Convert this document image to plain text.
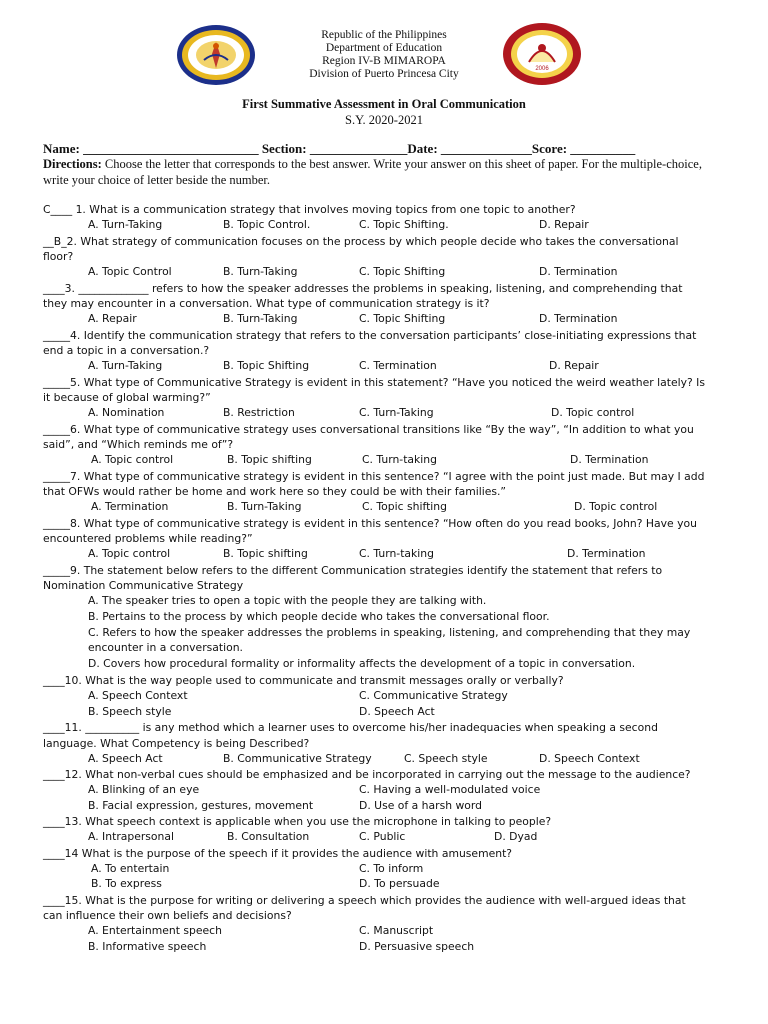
2006
Republic of the Philippines
Department of Education
Region IV-B MIMAROPA
Division of Puerto Princesa City
First Summative Assessment in Oral Communication
S.Y. 2020-2021
Name: ___________________________ Section: _______________Date: ______________Score: __________
Directions: Choose the letter that corresponds to the best answer. Write your answer on this sheet of paper. For the multiple-choice, write your choice of letter beside the number.
C____ 1. What is a communication strategy that involves moving topics from one topic to another?
A. Turn-Taking	B. Topic Control.	C. Topic Shifting.	D. Repair
__B_2. What strategy of communication focuses on the process by which people decide who takes the conversational
floor?
A. Topic Control	B. Turn-Taking	C. Topic Shifting	D. Termination
____3. _____________ refers to how the speaker addresses the problems in speaking, listening, and comprehending that
they may encounter in a conversation. What type of communication strategy is it?
A. Repair	B. Turn-Taking	C. Topic Shifting	D. Termination
_____4. Identify the communication strategy that refers to the conversation participants’ close-initiating expressions that
end a topic in a conversation.?
A. Turn-Taking	B. Topic Shifting	C. Termination	D. Repair
_____5. What type of Communicative Strategy is evident in this statement? “Have you noticed the weird weather lately? Is
it because of global warming?”
A. Nomination	B. Restriction	C. Turn-Taking	D. Topic control
_____6. What type of communicative strategy uses conversational transitions like “By the way”, “In addition to what you
said”, and “Which reminds me of”?
A. Topic control	B. Topic shifting	C. Turn-taking	D. Termination
_____7. What type of communicative strategy is evident in this sentence? “I agree with the point just made. But may I add
that OFWs would rather be home and work here so they could be with their families.”
A. Termination	B. Turn-Taking	C. Topic shifting	D. Topic control
_____8. What type of communicative strategy is evident in this sentence? “How often do you read books, John? Have you
encountered problems while reading?”
A. Topic control	B. Topic shifting	C. Turn-taking	D. Termination
_____9. The statement below refers to the different Communication strategies identify the statement that refers to
Nomination Communicative Strategy
A. The speaker tries to open a topic with the people they are talking with.
B. Pertains to the process by which people decide who takes the conversational floor.
C. Refers to how the speaker addresses the problems in speaking, listening, and comprehending that they may
encounter in a conversation.
D. Covers how procedural formality or informality affects the development of a topic in conversation.
____10. What is the way people used to communicate and transmit messages orally or verbally?
A. Speech Context	C. Communicative Strategy
B. Speech style	D. Speech Act
____11. __________ is any method which a learner uses to overcome his/her inadequacies when speaking a second
language. What Competency is being Described?
A. Speech Act	B. Communicative Strategy	C. Speech style	D. Speech Context
____12. What non-verbal cues should be emphasized and be incorporated in carrying out the message to the audience?
A. Blinking of an eye	C. Having a well-modulated voice
B. Facial expression, gestures, movement	D. Use of a harsh word
____13. What speech context is applicable when you use the microphone in talking to people?
A. Intrapersonal	B. Consultation	C. Public	D. Dyad
____14 What is the purpose of the speech if it provides the audience with amusement?
A. To entertain	C. To inform
B. To express	D. To persuade
____15. What is the purpose for writing or delivering a speech which provides the audience with well-argued ideas that
can influence their own beliefs and decisions?
A. Entertainment speech	C. Manuscript
B. Informative speech	D. Persuasive speech
